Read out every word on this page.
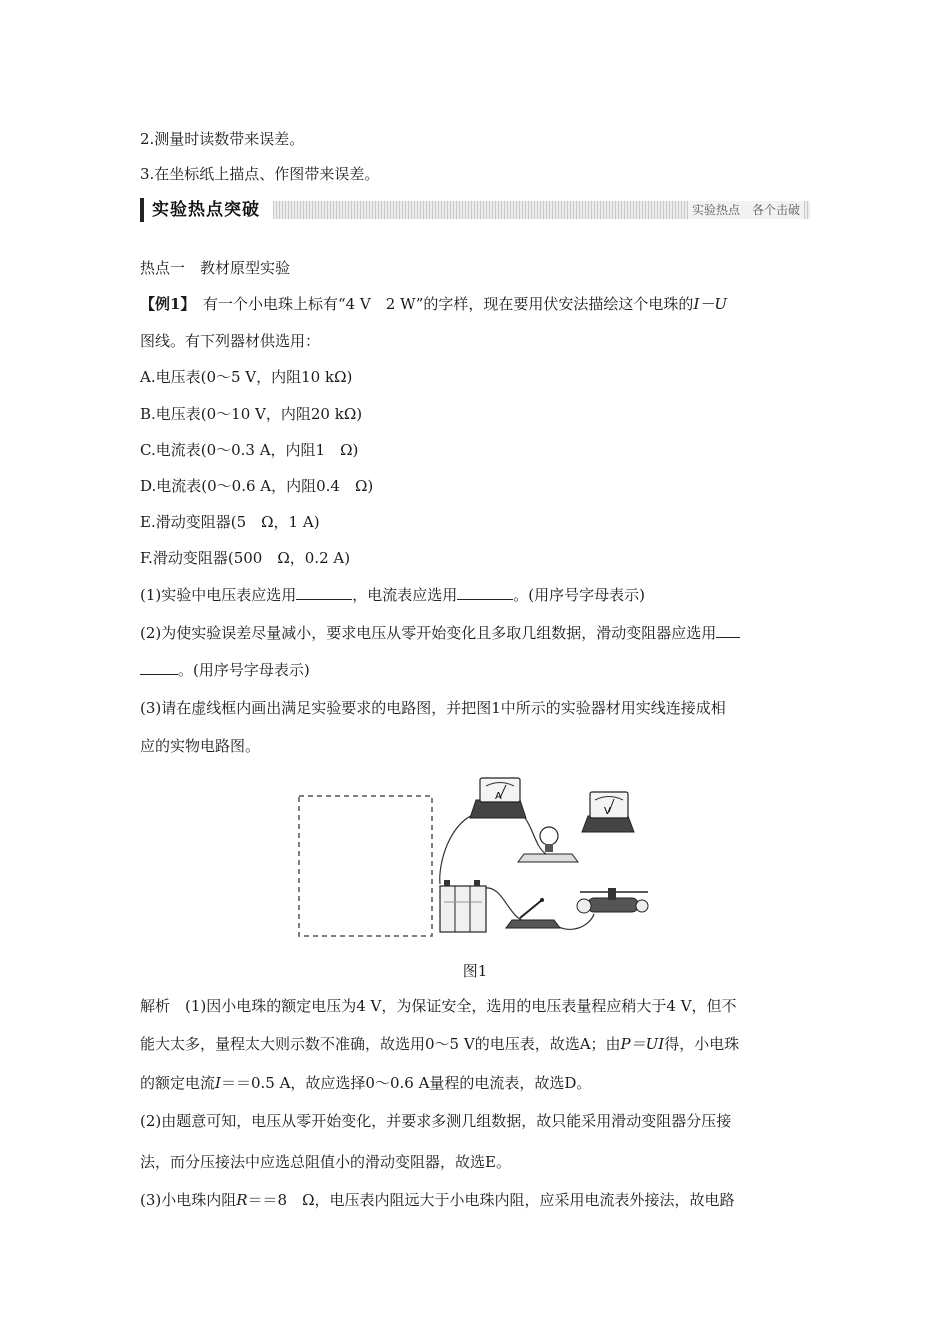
2.测量时读数带来误差。
3.在坐标纸上描点、作图带来误差。
实验热点突破	实验热点　各个击破
热点一　教材原型实验
【例1】　有一个小电珠上标有“4 V　2 W”的字样，现在要用伏安法描绘这个电珠的I－U
图线。有下列器材供选用：
A.电压表(0～5 V，内阻10 kΩ)
B.电压表(0～10 V，内阻20 kΩ)
C.电流表(0～0.3 A，内阻1　Ω)
D.电流表(0～0.6 A，内阻0.4　Ω)
E.滑动变阻器(5　Ω，1 A)
F.滑动变阻器(500　Ω，0.2 A)
(1)实验中电压表应选用	，电流表应选用	。(用序号字母表示)
(2)为使实验误差尽量减小，要求电压从零开始变化且多取几组数据，滑动变阻器应选用
。(用序号字母表示)
(3)请在虚线框内画出满足实验要求的电路图，并把图1中所示的实验器材用实线连接成相
应的实物电路图。
A
V
图1
解析　(1)因小电珠的额定电压为4 V，为保证安全，选用的电压表量程应稍大于4 V，但不
能大太多，量程太大则示数不准确，故选用0～5 V的电压表，故选A；由P＝UI得，小电珠
的额定电流I＝＝0.5 A，故应选择0～0.6 A量程的电流表，故选D。
(2)由题意可知，电压从零开始变化，并要求多测几组数据，故只能采用滑动变阻器分压接
法，而分压接法中应选总阻值小的滑动变阻器，故选E。
(3)小电珠内阻R＝＝8　Ω，电压表内阻远大于小电珠内阻，应采用电流表外接法，故电路
